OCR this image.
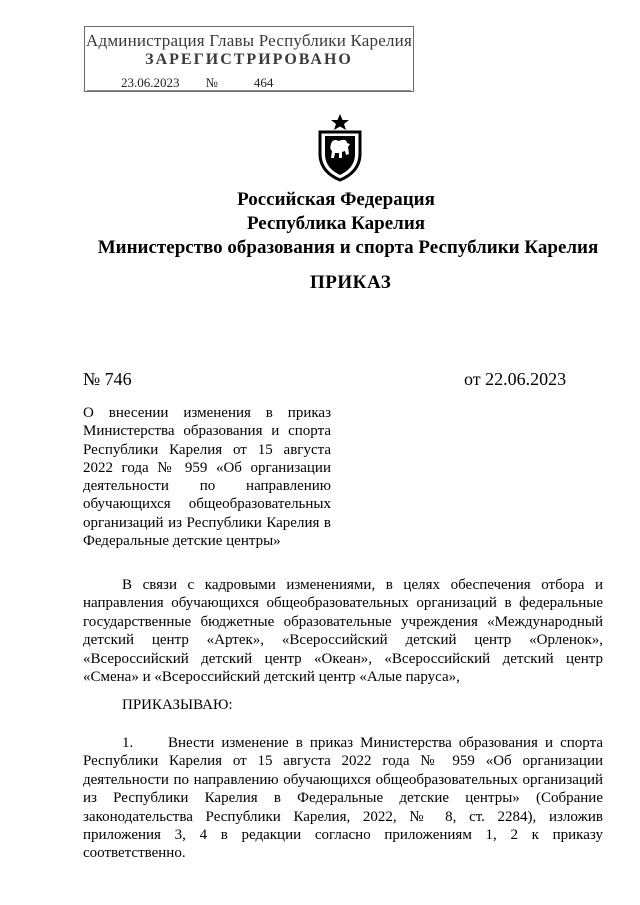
Администрация Главы Республики Карелия
ЗАРЕГИСТРИРОВАНО
23.06.2023 №	464
Российская Федерация
Республика Карелия
Министерство образования и спорта Республики Карелия
ПРИКАЗ
№ 746	от 22.06.2023
О внесении изменения в приказ Министерства образования и спорта Республики Карелия от 15 августа 2022 года № 959 «Об организации деятельности по направлению обучающихся общеобразовательных организаций из Республики Карелия в Федеральные детские центры»
В связи с кадровыми изменениями, в целях обеспечения отбора и направления обучающихся общеобразовательных организаций в федеральные государственные бюджетные образовательные учреждения «Международный детский центр «Артек», «Всероссийский детский центр «Орленок», «Всероссийский детский центр «Океан», «Всероссийский детский центр «Смена» и «Всероссийский детский центр «Алые паруса»,
ПРИКАЗЫВАЮ:
1. Внести изменение в приказ Министерства образования и спорта Республики Карелия от 15 августа 2022 года № 959 «Об организации деятельности по направлению обучающихся общеобразовательных организаций из Республики Карелия в Федеральные детские центры» (Собрание законодательства Республики Карелия, 2022, № 8, ст. 2284), изложив приложения 3, 4 в редакции согласно приложениям 1, 2 к приказу соответственно.
